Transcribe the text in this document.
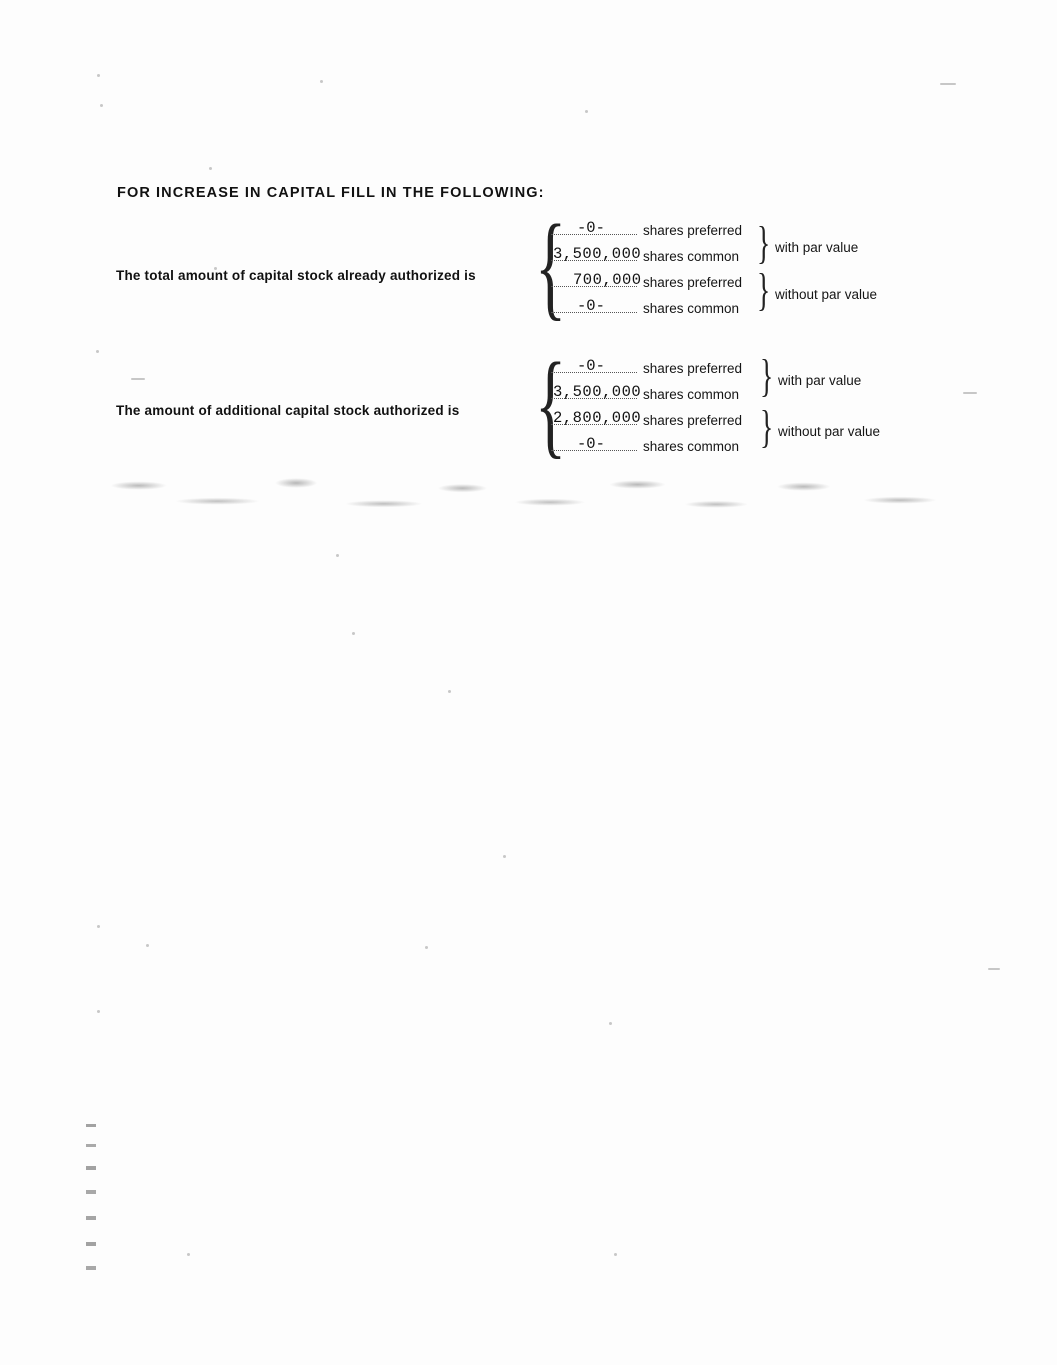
FOR INCREASE IN CAPITAL FILL IN THE FOLLOWING:
The total amount of capital stock already authorized is { -0-	shares preferred
3,500,000 shares common
700,000 shares preferred
-0-	shares common
} with par value
} without par value
The amount of additional capital stock authorized is { -0-	shares preferred
3,500,000 shares common
2,800,000 shares preferred
-0-	shares common
} with par value
} without par value
